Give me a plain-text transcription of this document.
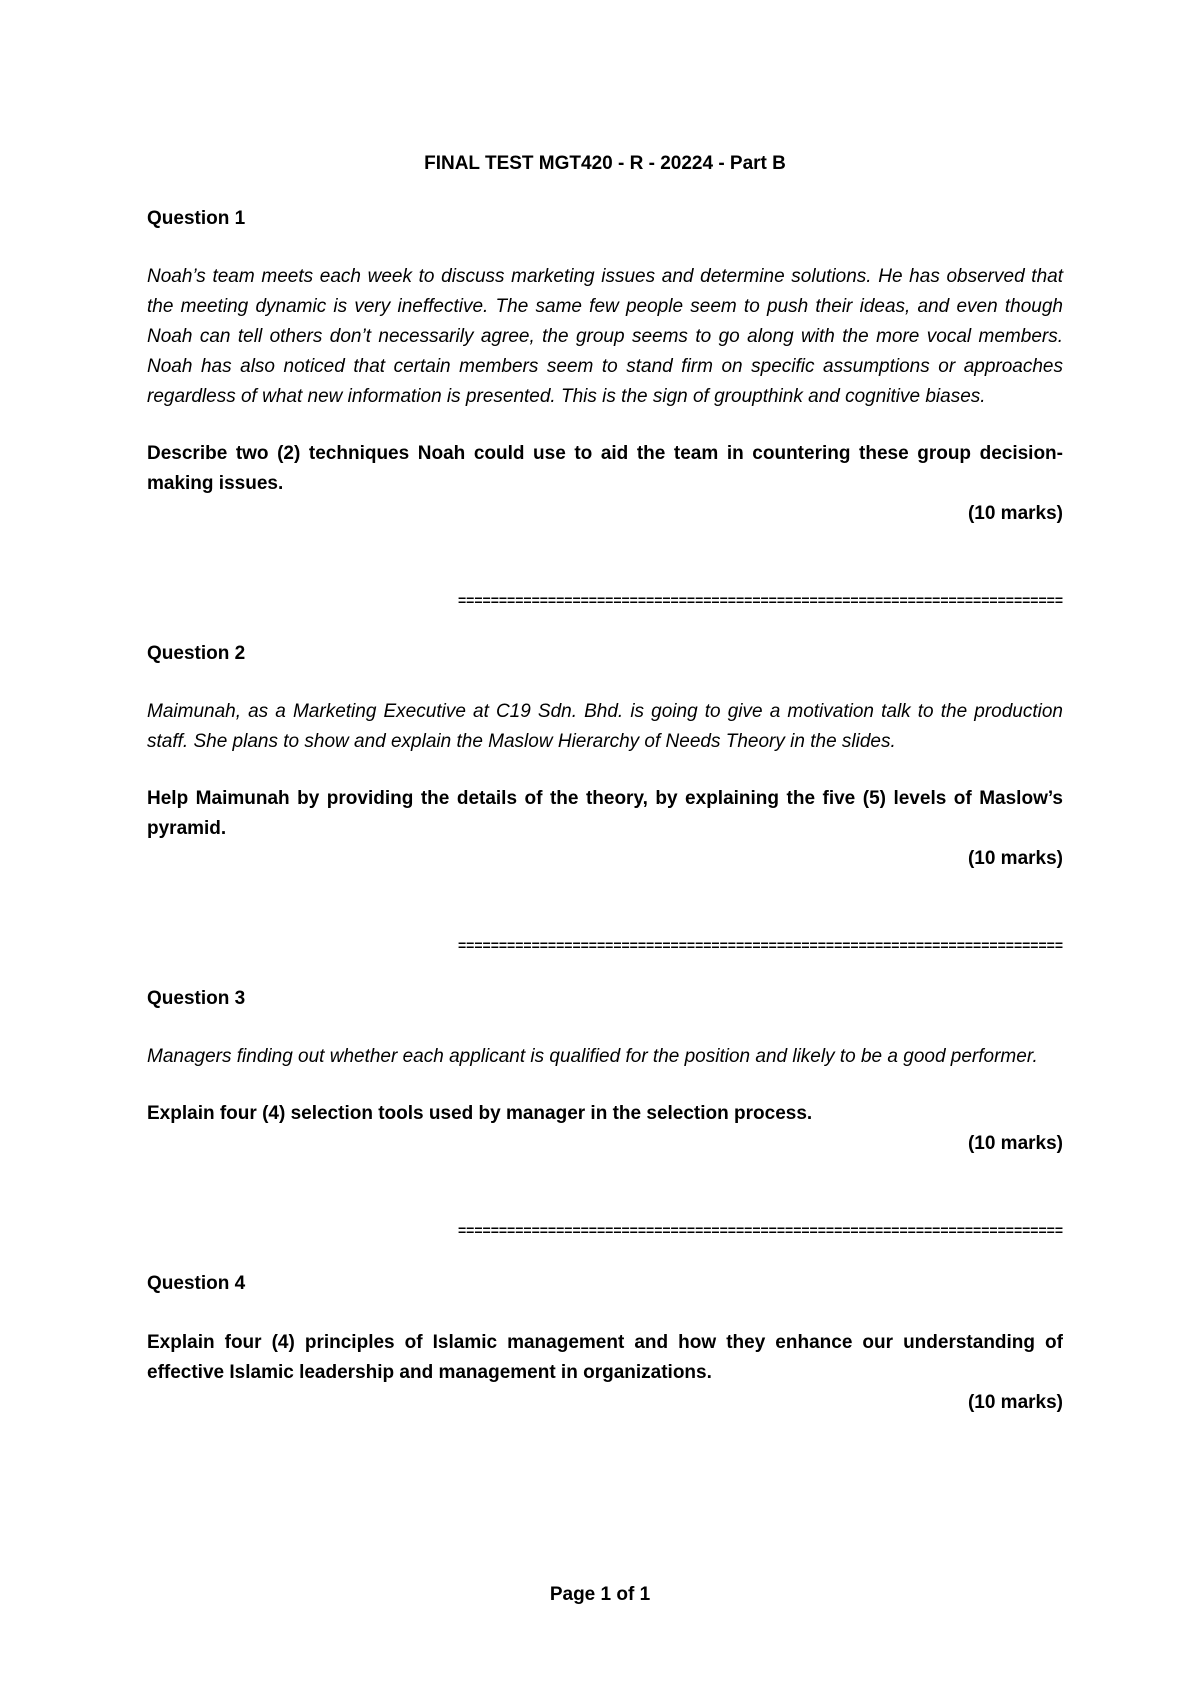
FINAL TEST MGT420 - R - 20224 - Part B
Question 1

Noah’s team meets each week to discuss marketing issues and determine solutions. He has observed that the meeting dynamic is very ineffective. The same few people seem to push their ideas, and even though Noah can tell others don’t necessarily agree, the group seems to go along with the more vocal members. Noah has also noticed that certain members seem to stand firm on specific assumptions or approaches regardless of what new information is presented. This is the sign of groupthink and cognitive biases.

Describe two (2) techniques Noah could use to aid the team in countering these group decision-making issues.

(10 marks)

==========================================================================
Question 2

Maimunah, as a Marketing Executive at C19 Sdn. Bhd. is going to give a motivation talk to the production staff. She plans to show and explain the Maslow Hierarchy of Needs Theory in the slides.

Help Maimunah by providing the details of the theory, by explaining the five (5) levels of Maslow’s pyramid.

(10 marks)

==========================================================================
Question 3

Managers finding out whether each applicant is qualified for the position and likely to be a good performer.

Explain four (4) selection tools used by manager in the selection process.

(10 marks)

==========================================================================
Question 4

Explain four (4) principles of Islamic management and how they enhance our understanding of effective Islamic leadership and management in organizations.

(10 marks)

Page 1 of 1
